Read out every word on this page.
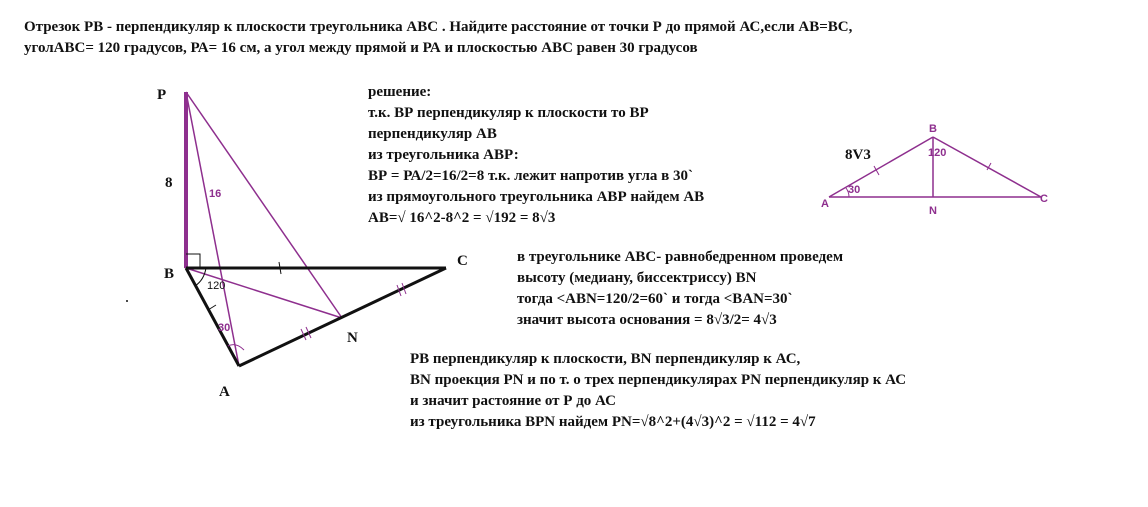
Отрезок РВ - перпендикуляр к плоскости треугольника АВС . Найдите расстояние от точки Р до прямой АС,если АВ=ВС,
уголАВС= 120 градусов, РА= 16 см, а угол между прямой и РА и плоскостью АВС равен 30 градусов
решение:
т.к. ВР перпендикуляр к плоскости то ВР
перпендикуляр АВ
из треугольника АВР:
ВР = РА/2=16/2=8 т.к. лежит напротив угла в 30`
из прямоугольного треугольника АВР найдем АВ
АВ=√ 16^2-8^2 = √192 = 8√3
в треугольнике АВС- равнобедренном проведем
высоту (медиану, биссектриссу) ВN
тогда <ABN=120/2=60` и тогда <BAN=30`
значит высота основания = 8√3/2= 4√3
РВ перпендикуляр к плоскости, ВN перпендикуляр к АС,
ВN проекция РN и по т. о трех перпендикулярах РN перпендикуляр к АС
и значит растояние от Р до АС
из треугольника ВРN найдем РN=√8^2+(4√3)^2 = √112 = 4√7
P
B
C
A
N
8
16
120
30
B
A	C
N
8V3	120
30
